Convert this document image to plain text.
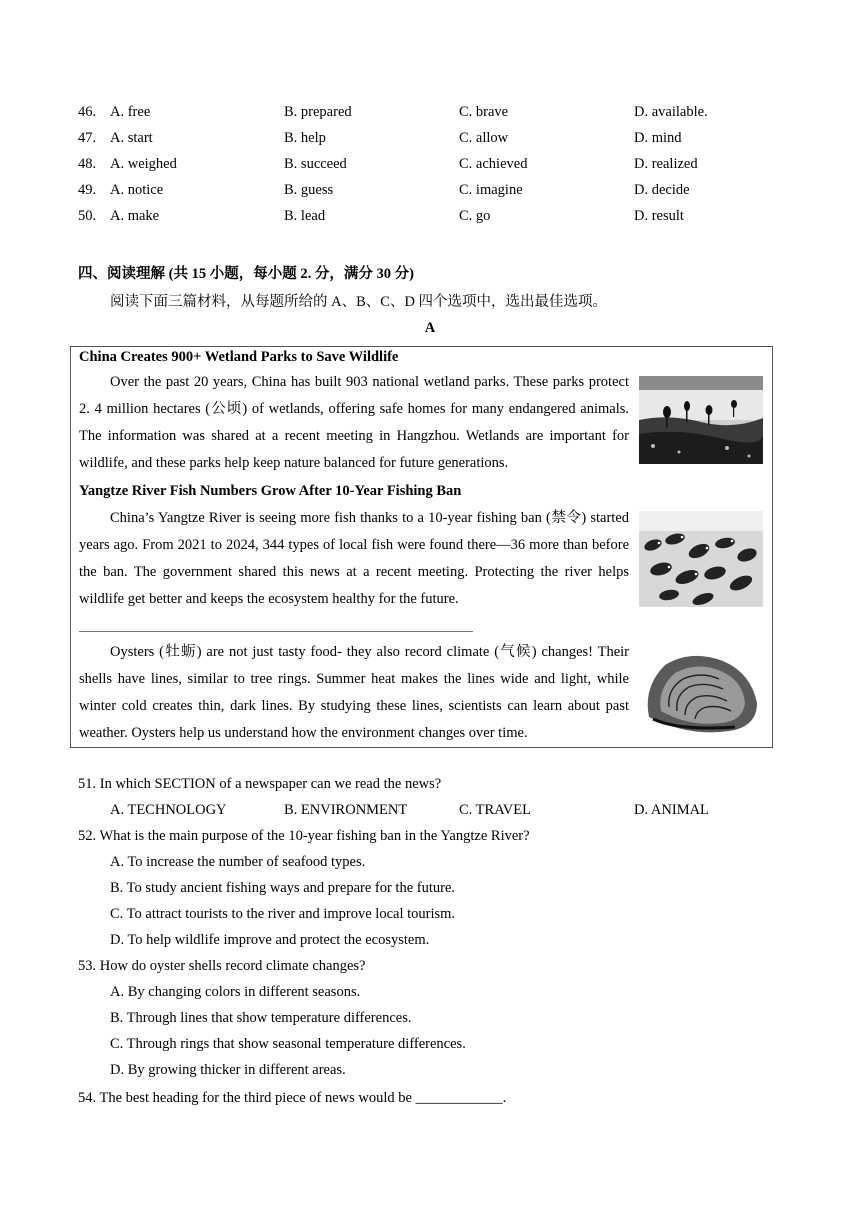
46. A. free	B. prepared	C. brave	D. available.
47. A. start	B. help	C. allow	D. mind
48. A. weighed	B. succeed	C. achieved	D. realized
49. A. notice	B. guess	C. imagine	D. decide
50. A. make	B. lead	C. go	D. result
四、阅读理解 (共 15 小题，每小题 2. 分，满分 30 分)
阅读下面三篇材料，从每题所给的 A、B、C、D 四个选项中，选出最佳选项。
A
China Creates 900+ Wetland Parks to Save Wildlife

Over the past 20 years, China has built 903 national wetland parks. These parks protect 2. 4 million hectares (公顷) of wetlands, offering safe homes for many endangered animals. The information was shared at a recent meeting in Hangzhou. Wetlands are important for wildlife, and these parks help keep nature balanced for future generations.

Yangtze River Fish Numbers Grow After 10-Year Fishing Ban

China’s Yangtze River is seeing more fish thanks to a 10-year fishing ban (禁令) started years ago. From 2021 to 2024, 344 types of local fish were found there—36 more than before the ban. The government shared this news at a recent meeting. Protecting the river helps wildlife get better and keeps the ecosystem healthy for the future.

Oysters (牡蛎) are not just tasty food- they also record climate (气候) changes! Their shells have lines, similar to tree rings. Summer heat makes the lines wide and light, while winter cold creates thin, dark lines. By studying these lines, scientists can learn about past weather. Oysters help us understand how the environment changes over time.

51. In which SECTION of a newspaper can we read the news?
A. TECHNOLOGY	B. ENVIRONMENT	C. TRAVEL	D. ANIMAL
52. What is the main purpose of the 10-year fishing ban in the Yangtze River?
A. To increase the number of seafood types.
B. To study ancient fishing ways and prepare for the future.
C. To attract tourists to the river and improve local tourism.
D. To help wildlife improve and protect the ecosystem.
53. How do oyster shells record climate changes?
A. By changing colors in different seasons.
B. Through lines that show temperature differences.
C. Through rings that show seasonal temperature differences.
D. By growing thicker in different areas.
54. The best heading for the third piece of news would be ____________.
